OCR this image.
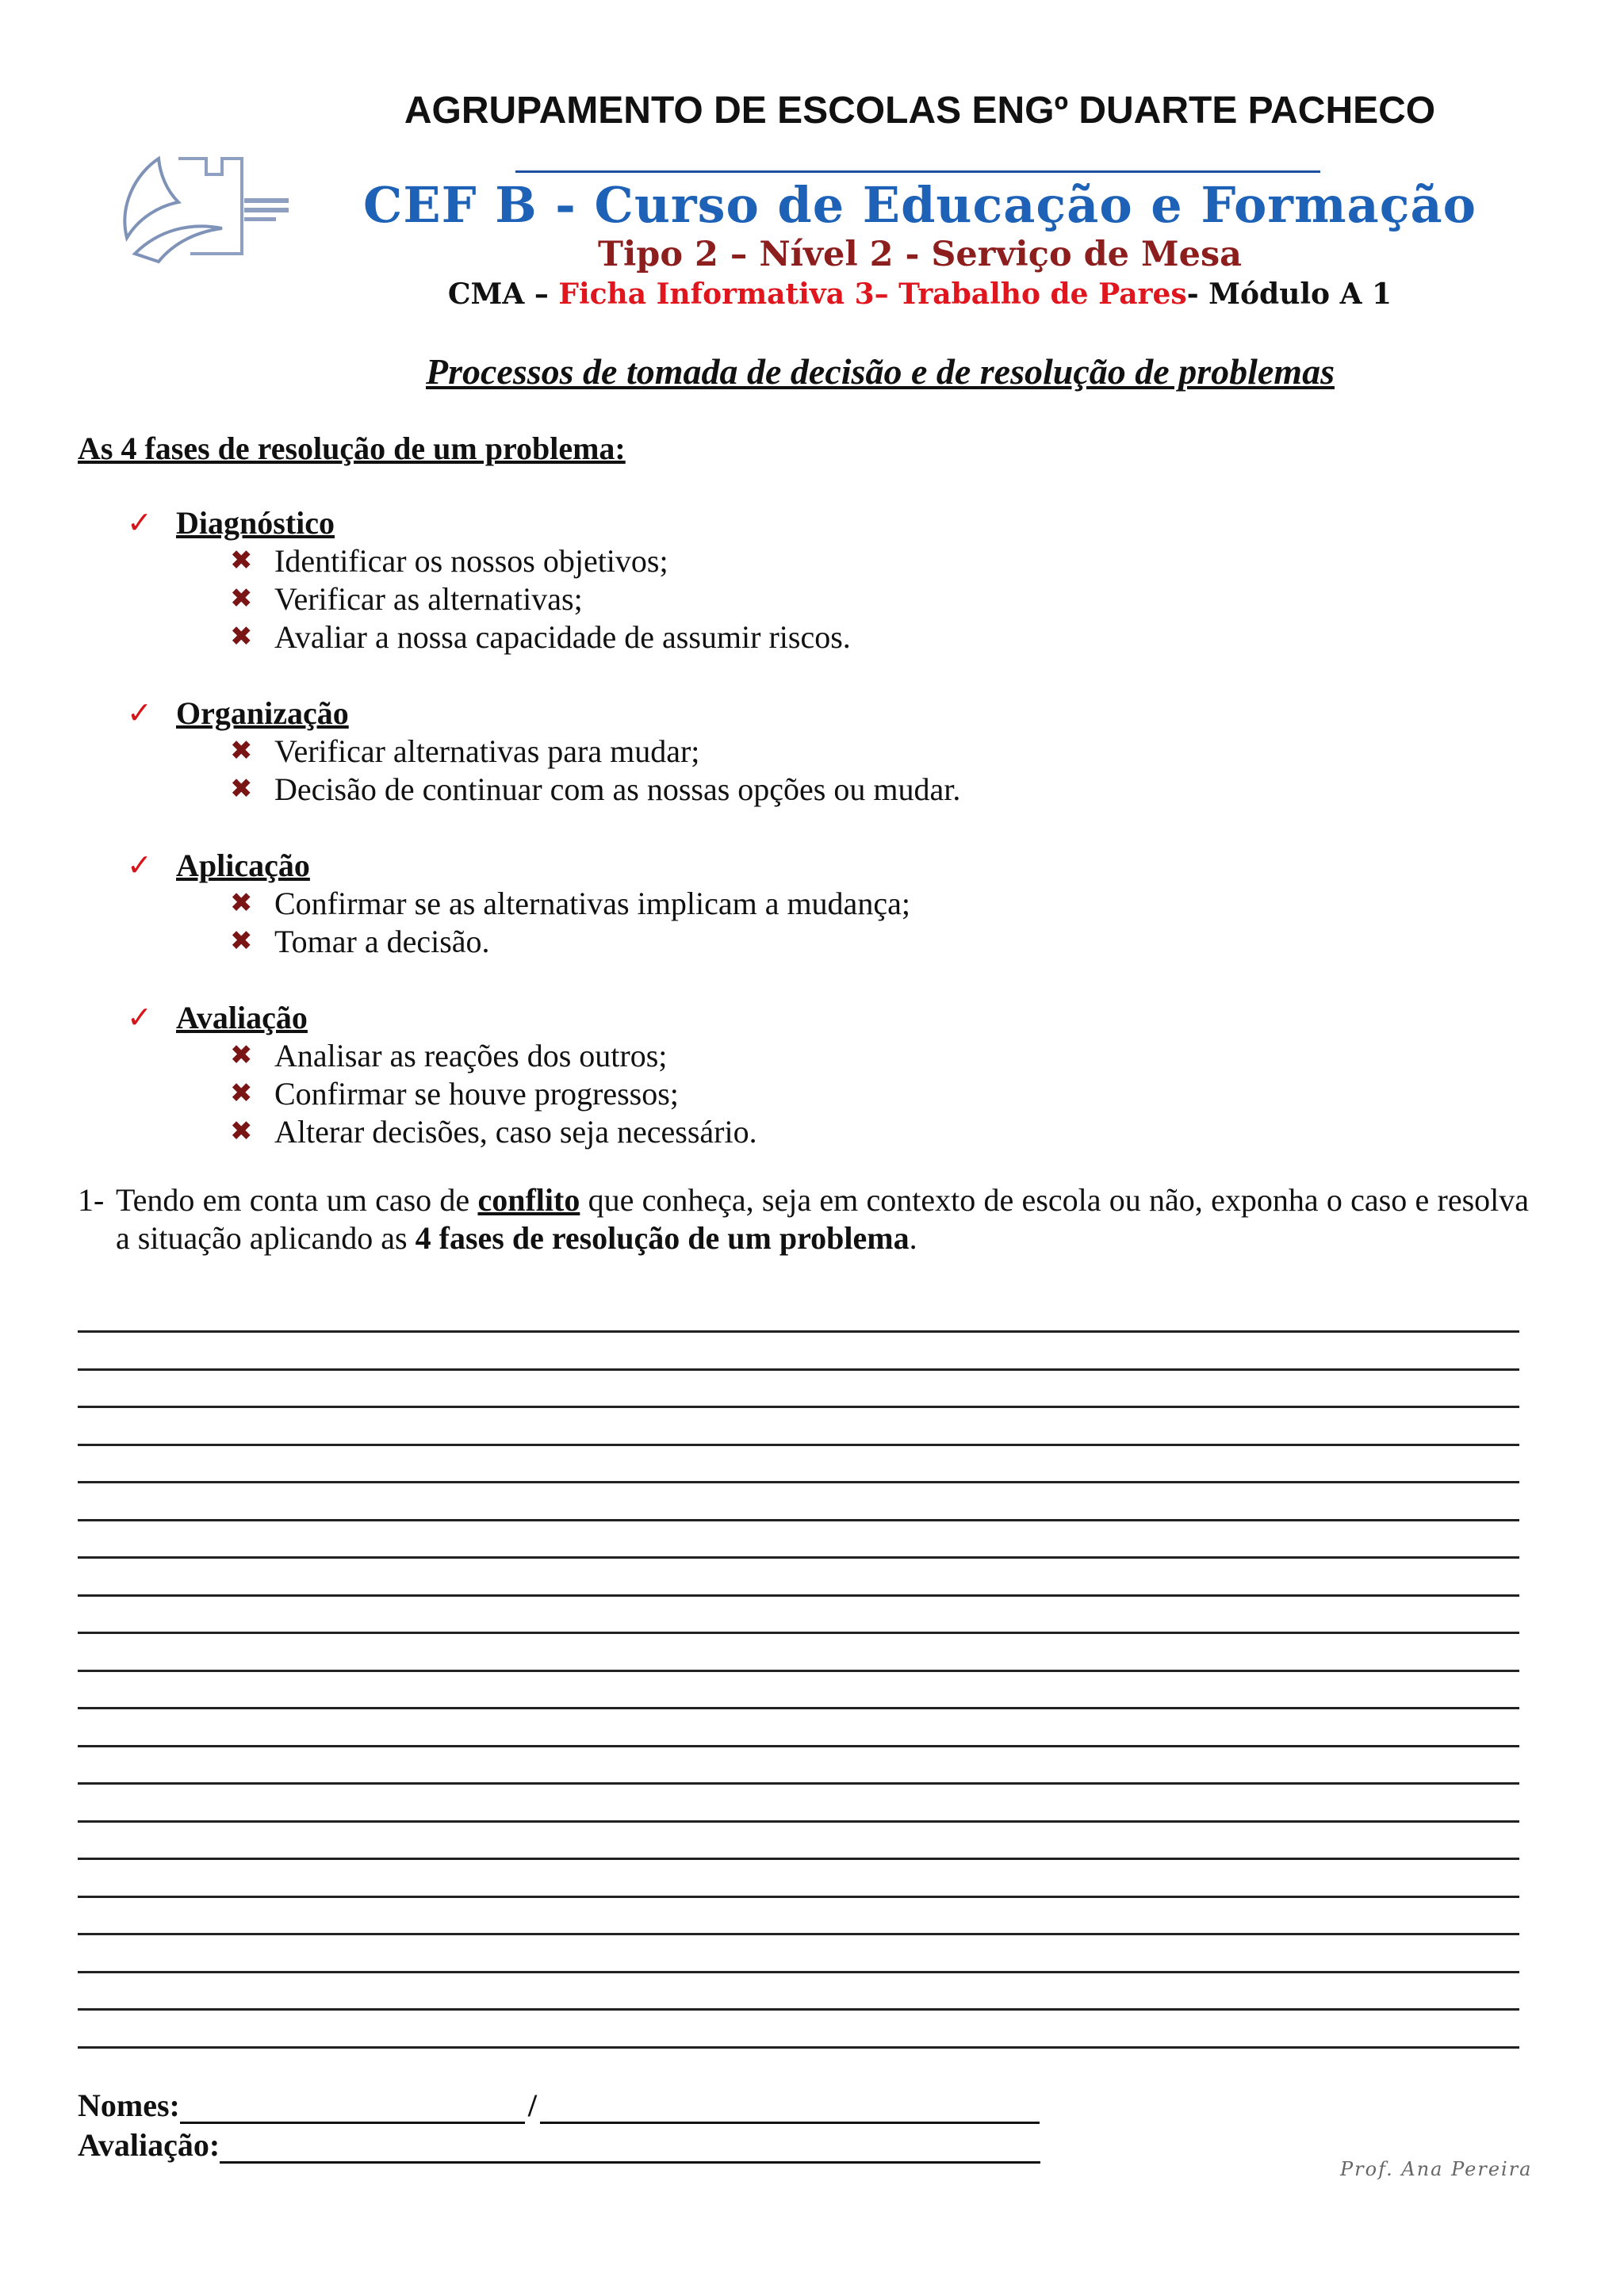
AGRUPAMENTO DE ESCOLAS ENGº DUARTE PACHECO
CEF B - Curso de Educação e Formação
Tipo 2 – Nível 2 - Serviço de Mesa
CMA – Ficha Informativa 3– Trabalho de Pares- Módulo A 1
Processos de tomada de decisão e de resolução de problemas
As 4 fases de resolução de um problema:
✓ Diagnóstico
✖ Identificar os nossos objetivos;
✖ Verificar as alternativas;
✖ Avaliar a nossa capacidade de assumir riscos.
✓ Organização
✖ Verificar alternativas para mudar;
✖ Decisão de continuar com as nossas opções ou mudar.
✓ Aplicação
✖ Confirmar se as alternativas implicam a mudança;
✖ Tomar a decisão.
✓ Avaliação
✖ Analisar as reações dos outros;
✖ Confirmar se houve progressos;
✖ Alterar decisões, caso seja necessário.
1- Tendo em conta um caso de conflito que conheça, seja em contexto de escola ou não, exponha o caso e resolva a situação aplicando as 4 fases de resolução de um problema.
Nomes:	/
Avaliação:
Prof. Ana Pereira
